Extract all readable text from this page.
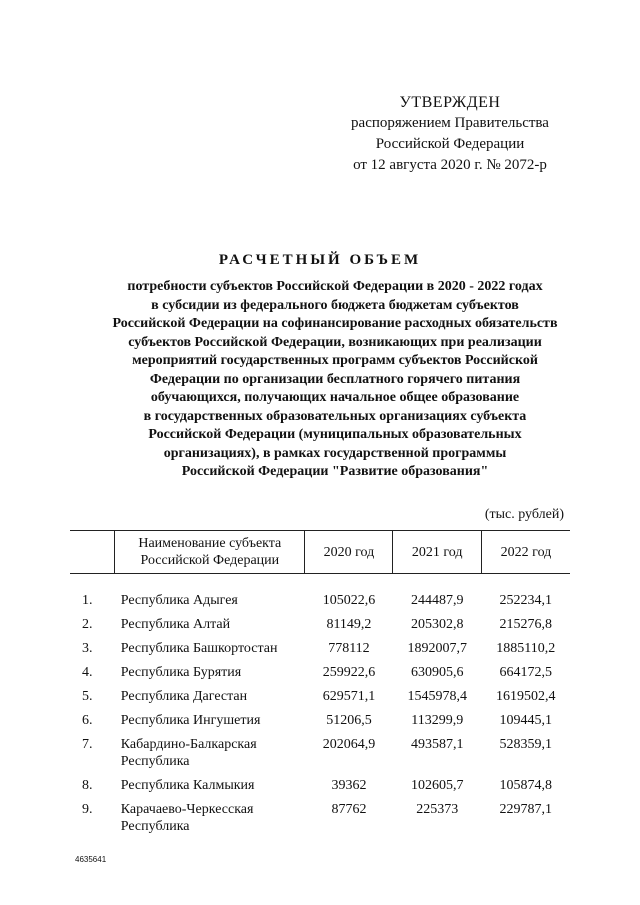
УТВЕРЖДЕН
распоряжением Правительства
Российской Федерации
от 12 августа 2020 г. № 2072-р
РАСЧЕТНЫЙ ОБЪЕМ
потребности субъектов Российской Федерации в 2020 - 2022 годах
в субсидии из федерального бюджета бюджетам субъектов
Российской Федерации на софинансирование расходных обязательств
субъектов Российской Федерации, возникающих при реализации
мероприятий государственных программ субъектов Российской
Федерации по организации бесплатного горячего питания
обучающихся, получающих начальное общее образование
в государственных образовательных организациях субъекта
Российской Федерации (муниципальных образовательных
организациях), в рамках государственной программы
Российской Федерации "Развитие образования"
(тыс. рублей)
	Наименование субъекта Российской Федерации	2020 год	2021 год	2022 год

1.	Республика Адыгея	105022,6	244487,9	252234,1
2.	Республика Алтай	81149,2	205302,8	215276,8
3.	Республика Башкортостан	778112	1892007,7	1885110,2
4.	Республика Бурятия	259922,6	630905,6	664172,5
5.	Республика Дагестан	629571,1	1545978,4	1619502,4
6.	Республика Ингушетия	51206,5	113299,9	109445,1
7.	Кабардино-Балкарская Республика	202064,9	493587,1	528359,1
8.	Республика Калмыкия	39362	102605,7	105874,8
9.	Карачаево-Черкесская Республика	87762	225373	229787,1
4635641
